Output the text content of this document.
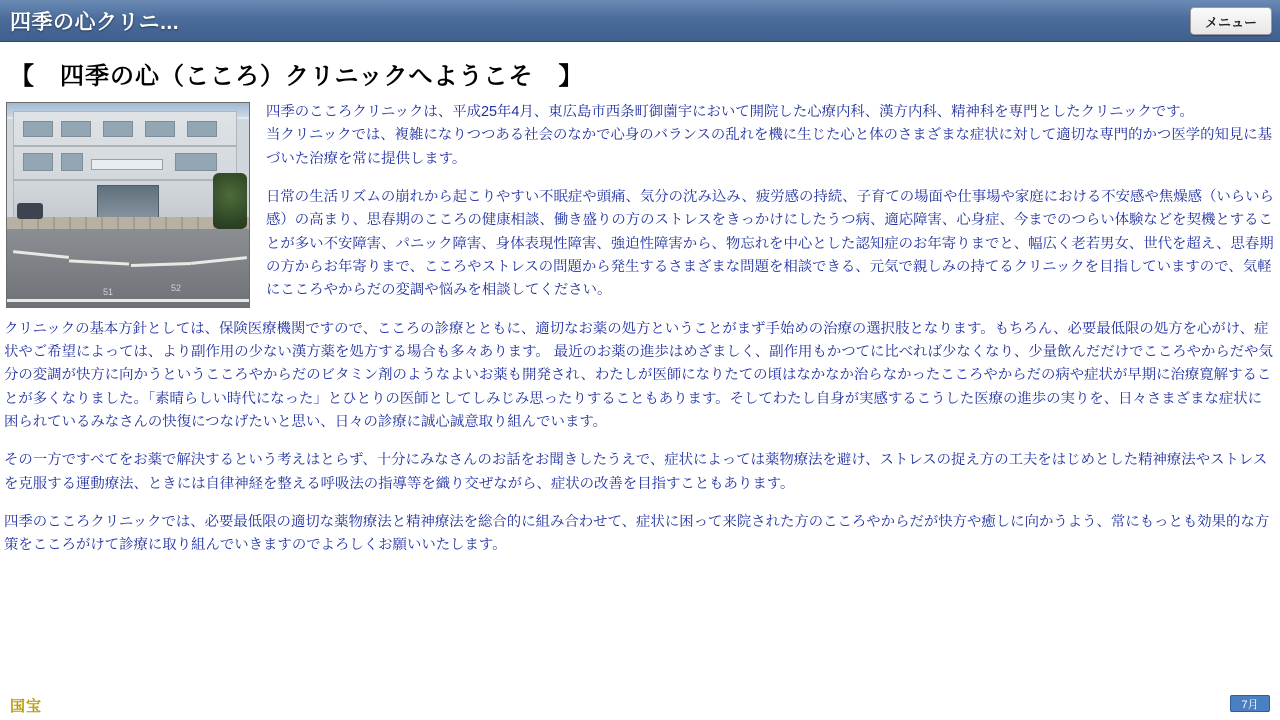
四季の心クリニ...	メニュー
【　四季の心（こころ）クリニックへようこそ　】
51	52

四季のこころクリニックは、平成25年4月、東広島市西条町御薗宇において開院した心療内科、漢方内科、精神科を専門としたクリニックです。

当クリニックでは、複雑になりつつある社会のなかで心身のバランスの乱れを機に生じた心と体のさまざまな症状に対して適切な専門的かつ医学的知見に基づいた治療を常に提供します。

日常の生活リズムの崩れから起こりやすい不眠症や頭痛、気分の沈み込み、疲労感の持続、子育ての場面や仕事場や家庭における不安感や焦燥感（いらいら感）の高まり、思春期のこころの健康相談、働き盛りの方のストレスをきっかけにしたうつ病、適応障害、心身症、今までのつらい体験などを契機とすることが多い不安障害、パニック障害、身体表現性障害、強迫性障害から、物忘れを中心とした認知症のお年寄りまでと、幅広く老若男女、世代を超え、思春期の方からお年寄りまで、こころやストレスの問題から発生するさまざまな問題を相談できる、元気で親しみの持てるクリニックを目指していますので、気軽にこころやからだの変調や悩みを相談してください。

クリニックの基本方針としては、保険医療機関ですので、こころの診療とともに、適切なお薬の処方ということがまず手始めの治療の選択肢となります。もちろん、必要最低限の処方を心がけ、症状やご希望によっては、より副作用の少ない漢方薬を処方する場合も多々あります。 最近のお薬の進歩はめざましく、副作用もかつてに比べれば少なくなり、少量飲んだだけでこころやからだや気分の変調が快方に向かうというこころやからだのビタミン剤のようなよいお薬も開発され、わたしが医師になりたての頃はなかなか治らなかったこころやからだの病や症状が早期に治療寛解することが多くなりました。「素晴らしい時代になった」とひとりの医師としてしみじみ思ったりすることもあります。そしてわたし自身が実感するこうした医療の進歩の実りを、日々さまざまな症状に困られているみなさんの快復につなげたいと思い、日々の診療に誠心誠意取り組んでいます。

その一方ですべてをお薬で解決するという考えはとらず、十分にみなさんのお話をお聞きしたうえで、症状によっては薬物療法を避け、ストレスの捉え方の工夫をはじめとした精神療法やストレスを克服する運動療法、ときには自律神経を整える呼吸法の指導等を織り交ぜながら、症状の改善を目指すこともあります。

四季のこころクリニックでは、必要最低限の適切な薬物療法と精神療法を総合的に組み合わせて、症状に困って来院された方のこころやからだが快方や癒しに向かうよう、常にもっとも効果的な方策をこころがけて診療に取り組んでいきますのでよろしくお願いいたします。

国宝	7月
